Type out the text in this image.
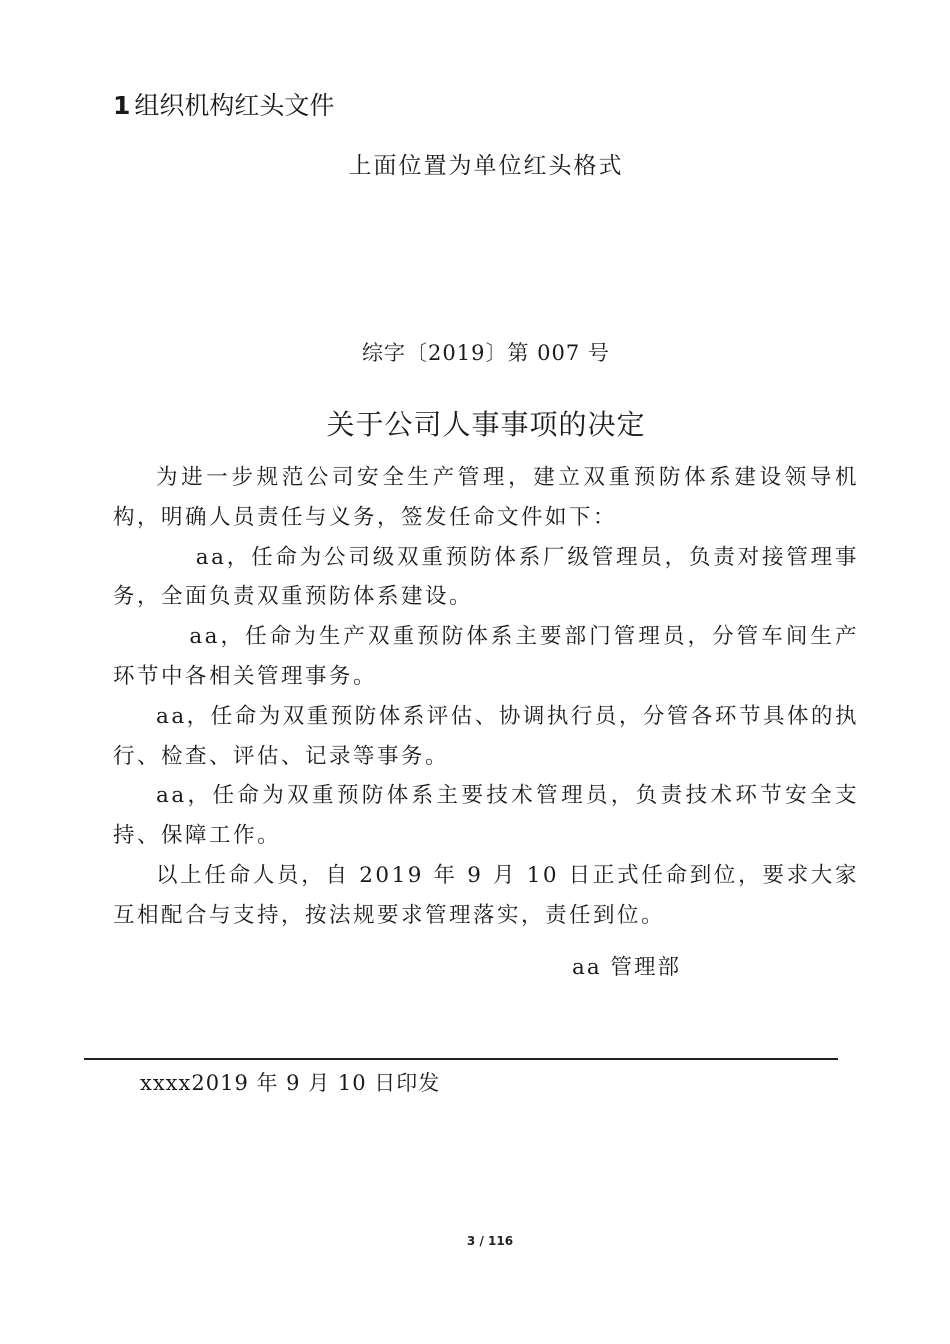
1 组织机构红头文件
上面位置为单位红头格式
综字〔2019〕第 007 号
关于公司人事事项的决定

为进一步规范公司安全生产管理，建立双重预防体系建设领导机构，明确人员责任与义务，签发任命文件如下：

aa，任命为公司级双重预防体系厂级管理员，负责对接管理事务，全面负责双重预防体系建设。

aa，任命为生产双重预防体系主要部门管理员，分管车间生产环节中各相关管理事务。

aa，任命为双重预防体系评估、协调执行员，分管各环节具体的执行、检查、评估、记录等事务。

aa，任命为双重预防体系主要技术管理员，负责技术环节安全支持、保障工作。

以上任命人员，自 2019 年 9 月 10 日正式任命到位，要求大家互相配合与支持，按法规要求管理落实，责任到位。

aa 管理部
xxxx2019 年 9 月 10 日印发
3 / 116
